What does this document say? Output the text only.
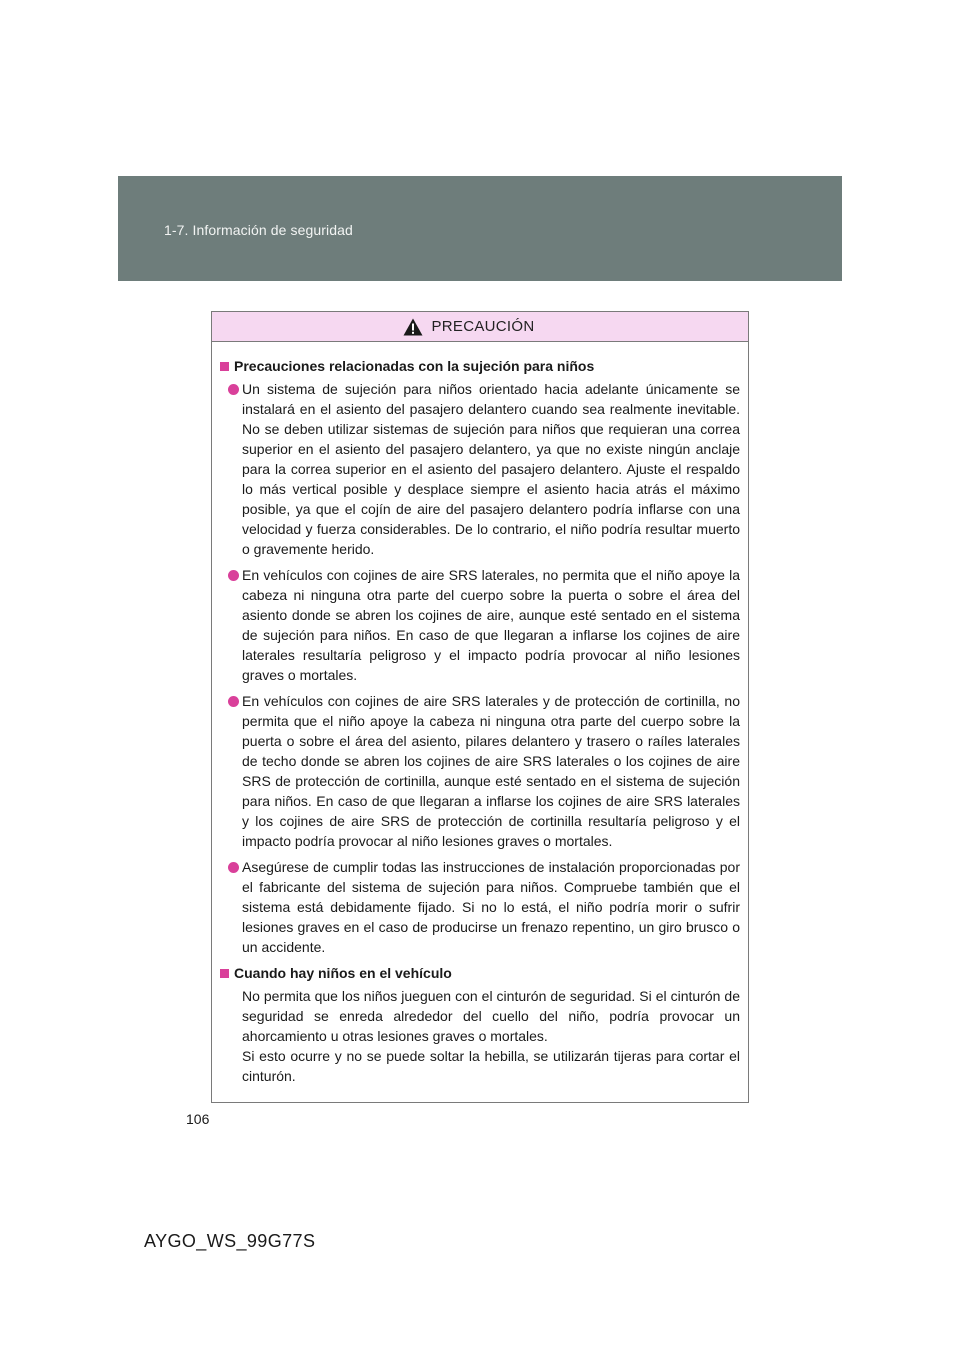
1-7. Información de seguridad
PRECAUCIÓN
Precauciones relacionadas con la sujeción para niños
Un sistema de sujeción para niños orientado hacia adelante únicamente se instalará en el asiento del pasajero delantero cuando sea realmente inevitable. No se deben utilizar sistemas de sujeción para niños que requieran una correa superior en el asiento del pasajero delantero, ya que no existe ningún anclaje para la correa superior en el asiento del pasajero delantero. Ajuste el respaldo lo más vertical posible y desplace siempre el asiento hacia atrás el máximo posible, ya que el cojín de aire del pasajero delantero podría inflarse con una velocidad y fuerza considerables. De lo contrario, el niño podría resultar muerto o gravemente herido.
En vehículos con cojines de aire SRS laterales, no permita que el niño apoye la cabeza ni ninguna otra parte del cuerpo sobre la puerta o sobre el área del asiento donde se abren los cojines de aire, aunque esté sentado en el sistema de sujeción para niños. En caso de que llegaran a inflarse los cojines de aire laterales resultaría peligroso y el impacto podría provocar al niño lesiones graves o mortales.
En vehículos con cojines de aire SRS laterales y de protección de cortinilla, no permita que el niño apoye la cabeza ni ninguna otra parte del cuerpo sobre la puerta o sobre el área del asiento, pilares delantero y trasero o raíles laterales de techo donde se abren los cojines de aire SRS laterales o los cojines de aire SRS de protección de cortinilla, aunque esté sentado en el sistema de sujeción para niños. En caso de que llegaran a inflarse los cojines de aire SRS laterales y los cojines de aire SRS de protección de cortinilla resultaría peligroso y el impacto podría provocar al niño lesiones graves o mortales.
Asegúrese de cumplir todas las instrucciones de instalación proporcionadas por el fabricante del sistema de sujeción para niños. Compruebe también que el sistema está debidamente fijado. Si no lo está, el niño podría morir o sufrir lesiones graves en el caso de producirse un frenazo repentino, un giro brusco o un accidente.
Cuando hay niños en el vehículo

No permita que los niños jueguen con el cinturón de seguridad. Si el cinturón de seguridad se enreda alrededor del cuello del niño, podría provocar un ahorcamiento u otras lesiones graves o mortales.

Si esto ocurre y no se puede soltar la hebilla, se utilizarán tijeras para cortar el cinturón.

106
AYGO_WS_99G77S
